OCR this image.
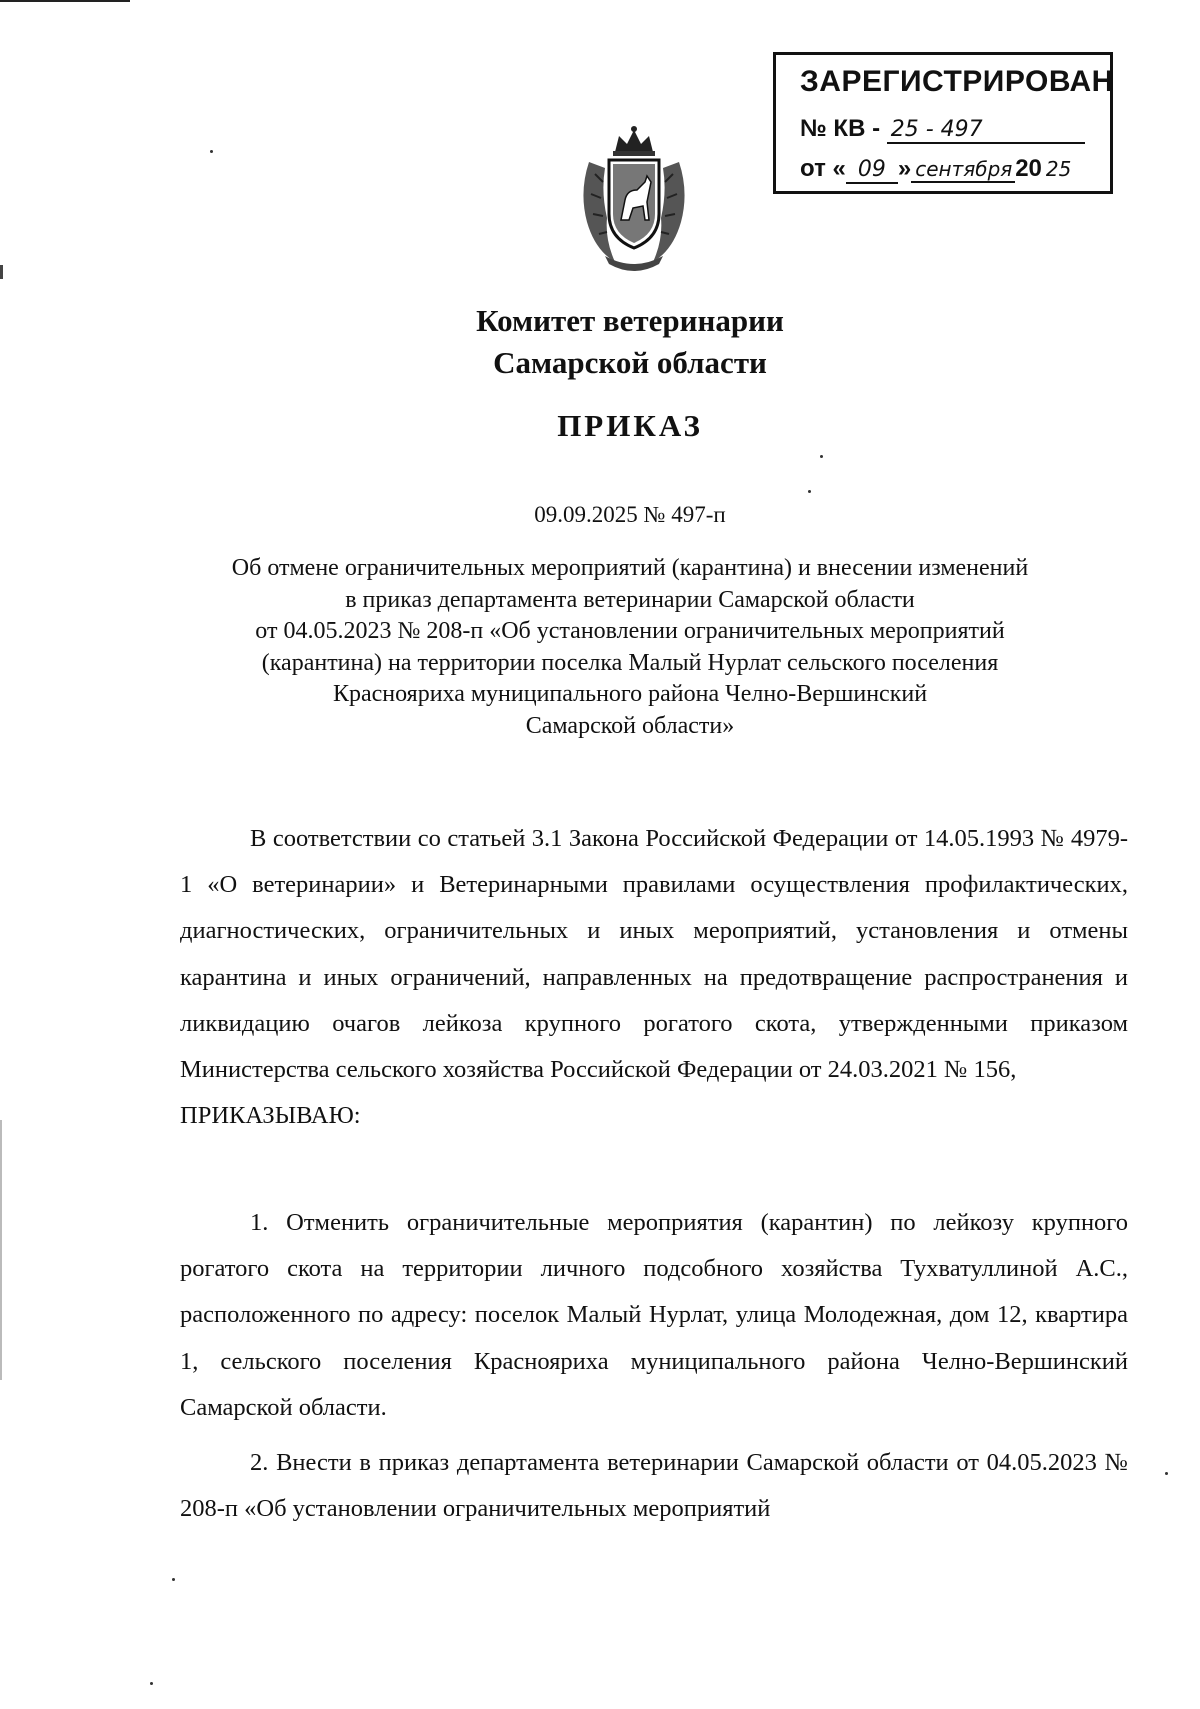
ЗАРЕГИСТРИРОВАН
№ КВ - 25 - 497
от « 09 » сентября 20 25
Комитет ветеринарии
Самарской области
ПРИКАЗ
09.09.2025 № 497-п
Об отмене ограничительных мероприятий (карантина) и внесении изменений
в приказ департамента ветеринарии Самарской области
от 04.05.2023 № 208-п «Об установлении ограничительных мероприятий
(карантина) на территории поселка Малый Нурлат сельского поселения
Краснояриха муниципального района Челно-Вершинский
Самарской области»

В соответствии со статьей 3.1 Закона Российской Федерации от 14.05.1993 № 4979-1 «О ветеринарии» и Ветеринарными правилами осуществления профилактических, диагностических, ограничительных и иных мероприятий, установления и отмены карантина и иных ограничений, направленных на предотвращение распространения и ликвидацию очагов лейкоза крупного рогатого скота, утвержденными приказом Министерства сельского хозяйства Российской Федерации от 24.03.2021 № 156,

ПРИКАЗЫВАЮ:

1. Отменить ограничительные мероприятия (карантин) по лейкозу крупного рогатого скота на территории личного подсобного хозяйства Тухватуллиной А.С., расположенного по адресу: поселок Малый Нурлат, улица Молодежная, дом 12, квартира 1, сельского поселения Краснояриха муниципального района Челно-Вершинский Самарской области.

2. Внести в приказ департамента ветеринарии Самарской области от 04.05.2023 № 208-п «Об установлении ограничительных мероприятий
